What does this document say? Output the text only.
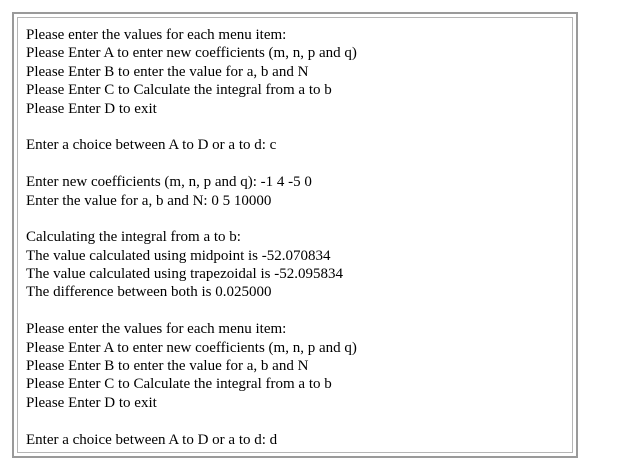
Please enter the values for each menu item:
Please Enter A to enter new coefficients (m, n, p and q)
Please Enter B to enter the value for a, b and N
Please Enter C to Calculate the integral from a to b
Please Enter D to exit
Enter a choice between A to D or a to d: c
Enter new coefficients (m, n, p and q): -1 4 -5 0
Enter the value for a, b and N: 0 5 10000
Calculating the integral from a to b:
The value calculated using midpoint is -52.070834
The value calculated using trapezoidal is -52.095834
The difference between both is 0.025000
Please enter the values for each menu item:
Please Enter A to enter new coefficients (m, n, p and q)
Please Enter B to enter the value for a, b and N
Please Enter C to Calculate the integral from a to b
Please Enter D to exit
Enter a choice between A to D or a to d: d
